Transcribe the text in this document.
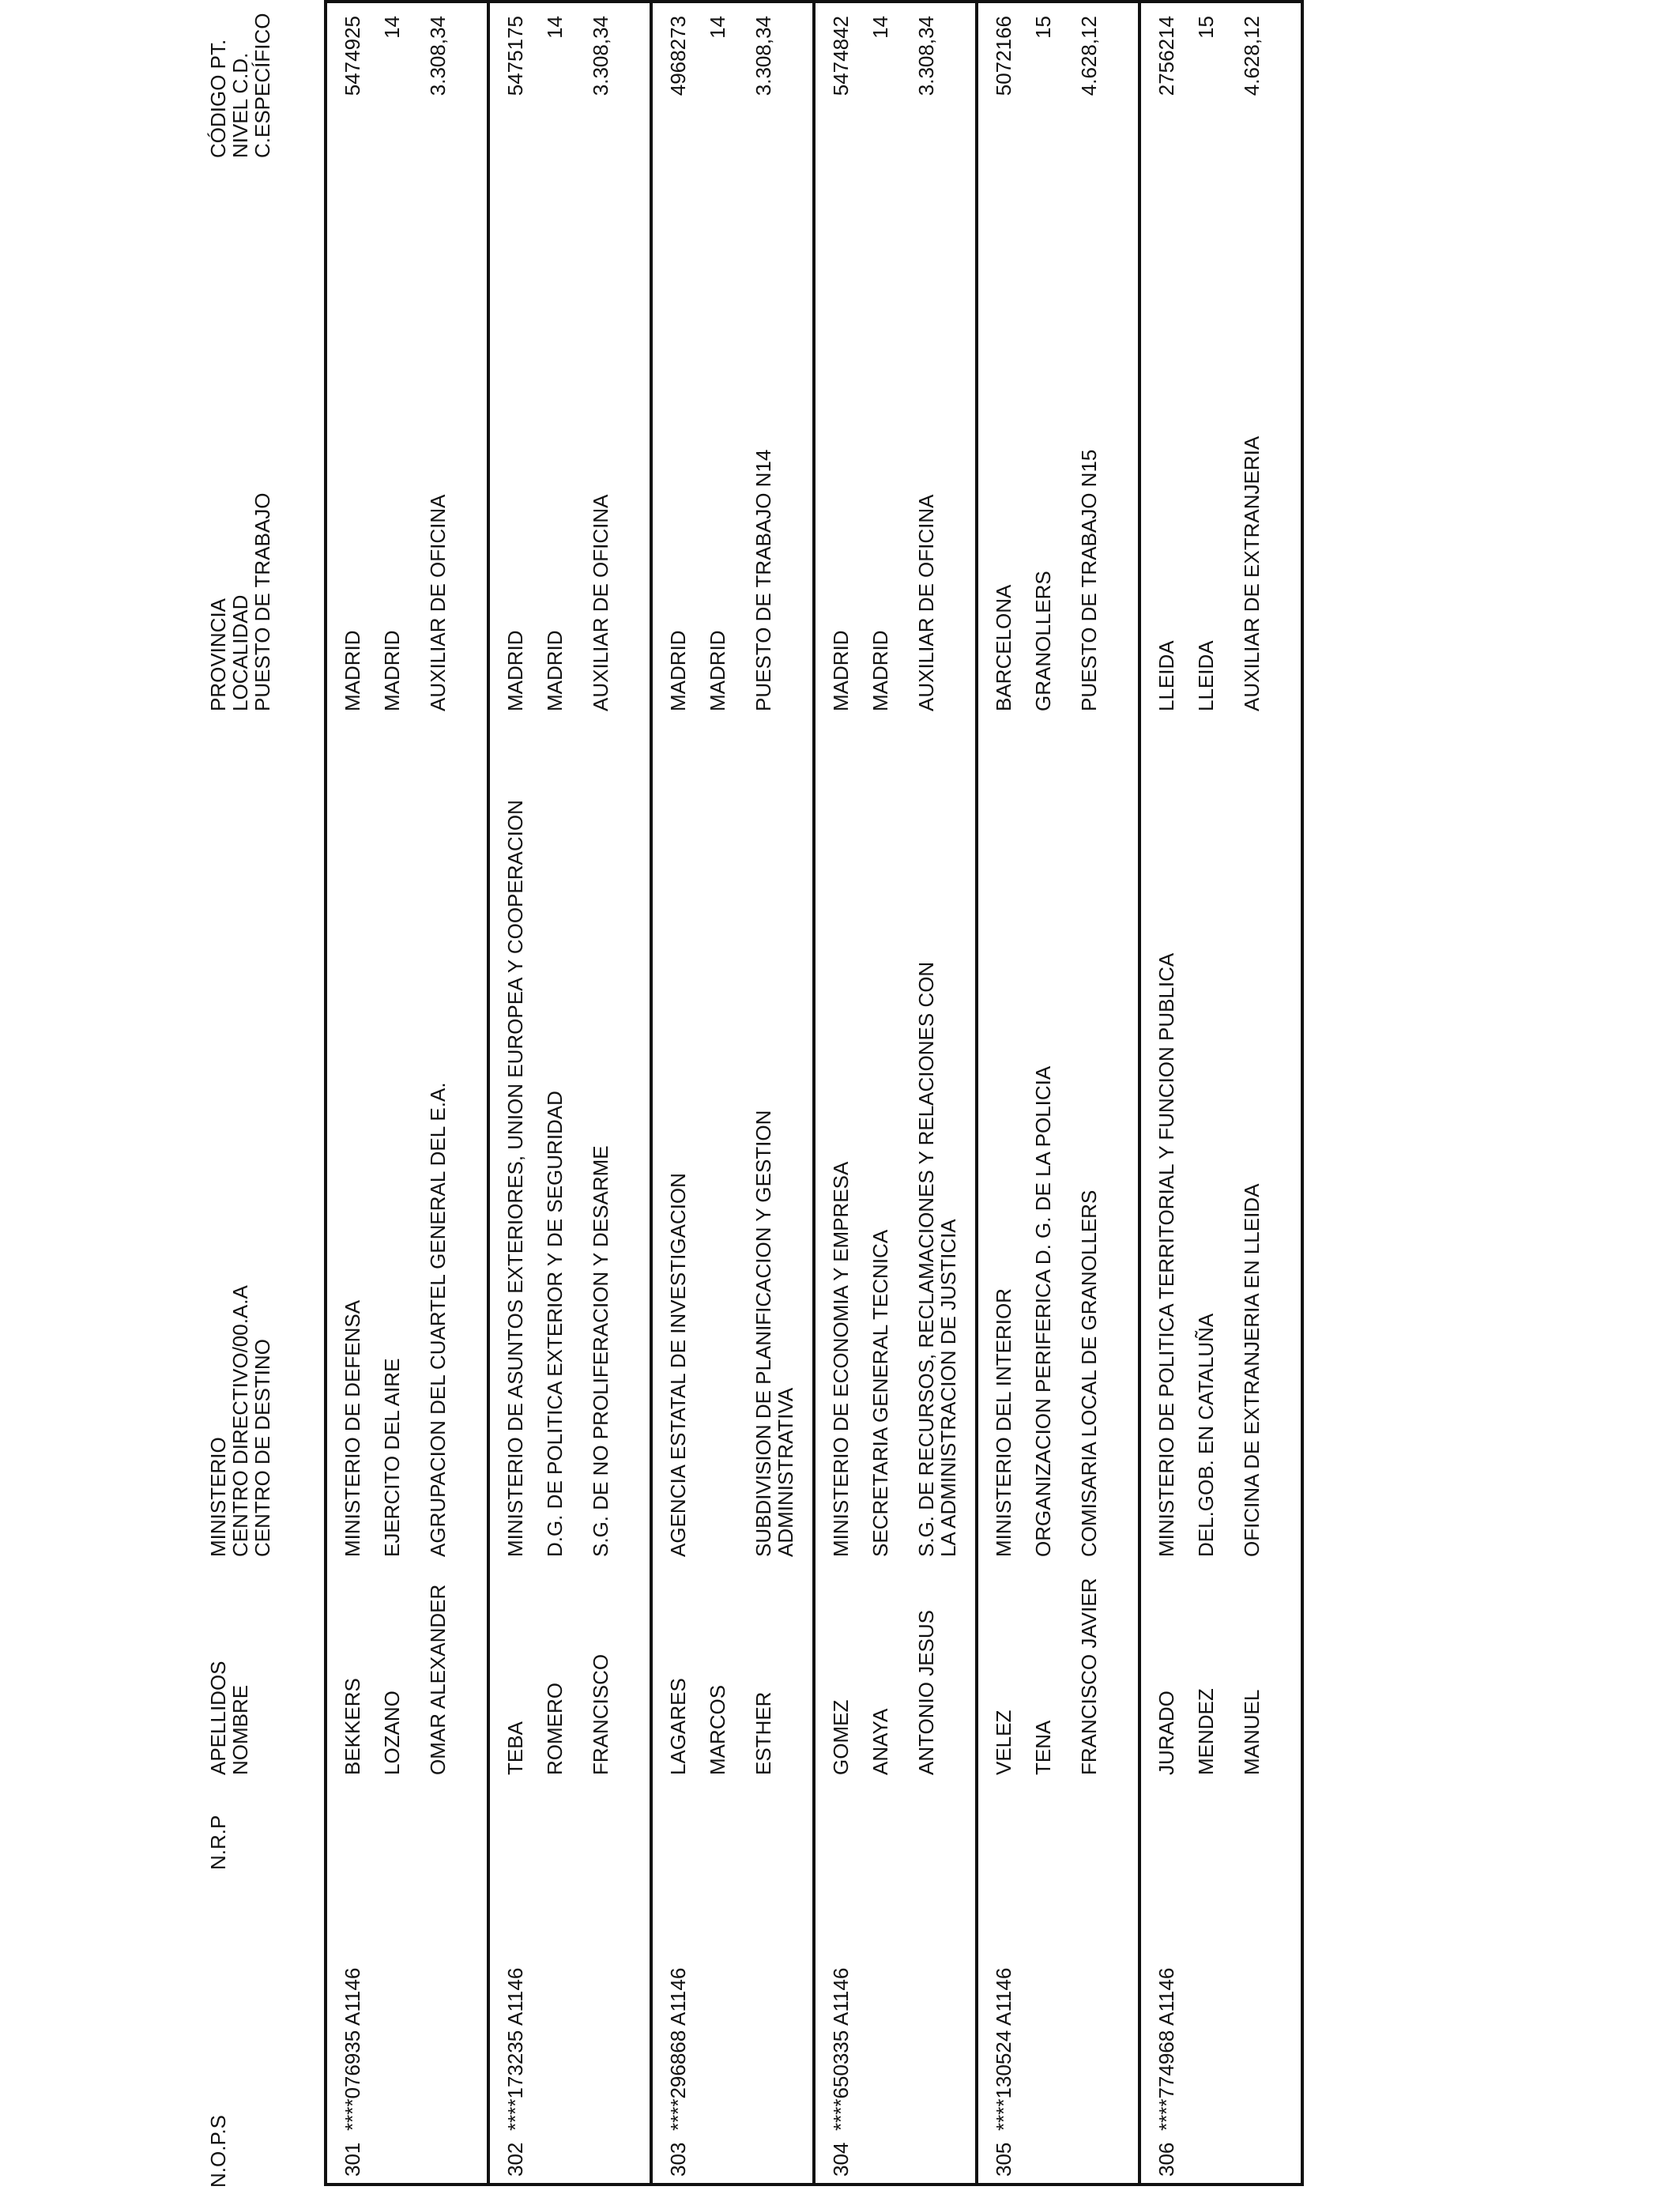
N.O.P.S
N.R.P
APELLIDOS
NOMBRE
MINISTERIO
CENTRO DIRECTIVO/00.A.A
CENTRO DE DESTINO
PROVINCIA
LOCALIDAD
PUESTO DE TRABAJO
CÓDIGO PT.
NIVEL C.D.
C.ESPECÍFICO
301
****076935 A1146
BEKKERS LOZANO OMAR ALEXANDER
MINISTERIO DE DEFENSA EJERCITO DEL AIRE AGRUPACION DEL CUARTEL GENERAL DEL E.A.
MADRID MADRID AUXILIAR DE OFICINA
5474925 14 3.308,34
302
****173235 A1146
TEBA ROMERO FRANCISCO
MINISTERIO DE ASUNTOS EXTERIORES, UNION EUROPEA Y COOPERACION D.G. DE POLITICA EXTERIOR Y DE SEGURIDAD S.G. DE NO PROLIFERACION Y DESARME
MADRID MADRID AUXILIAR DE OFICINA
5475175 14 3.308,34
303
****296868 A1146
LAGARES MARCOS ESTHER
AGENCIA ESTATAL DE INVESTIGACION	SUBDIVISION DE PLANIFICACION Y GESTION ADMINISTRATIVA
MADRID MADRID PUESTO DE TRABAJO N14
4968273 14 3.308,34
304
****650335 A1146
GOMEZ ANAYA ANTONIO JESUS
MINISTERIO DE ECONOMIA Y EMPRESA SECRETARIA GENERAL TECNICA S.G. DE RECURSOS, RECLAMACIONES Y RELACIONES CON LA ADMINISTRACION DE JUSTICIA
MADRID MADRID AUXILIAR DE OFICINA
5474842 14 3.308,34
305
****130524 A1146
VELEZ TENA FRANCISCO JAVIER
MINISTERIO DEL INTERIOR ORGANIZACION PERIFERICA D. G. DE LA POLICIA COMISARIA LOCAL DE GRANOLLERS
BARCELONA GRANOLLERS PUESTO DE TRABAJO N15
5072166 15 4.628,12
306
****774968 A1146
JURADO MENDEZ MANUEL
MINISTERIO DE POLITICA TERRITORIAL Y FUNCION PUBLICA DEL.GOB. EN CATALUÑA OFICINA DE EXTRANJERIA EN LLEIDA
LLEIDA LLEIDA AUXILIAR DE EXTRANJERIA
2756214 15 4.628,12
